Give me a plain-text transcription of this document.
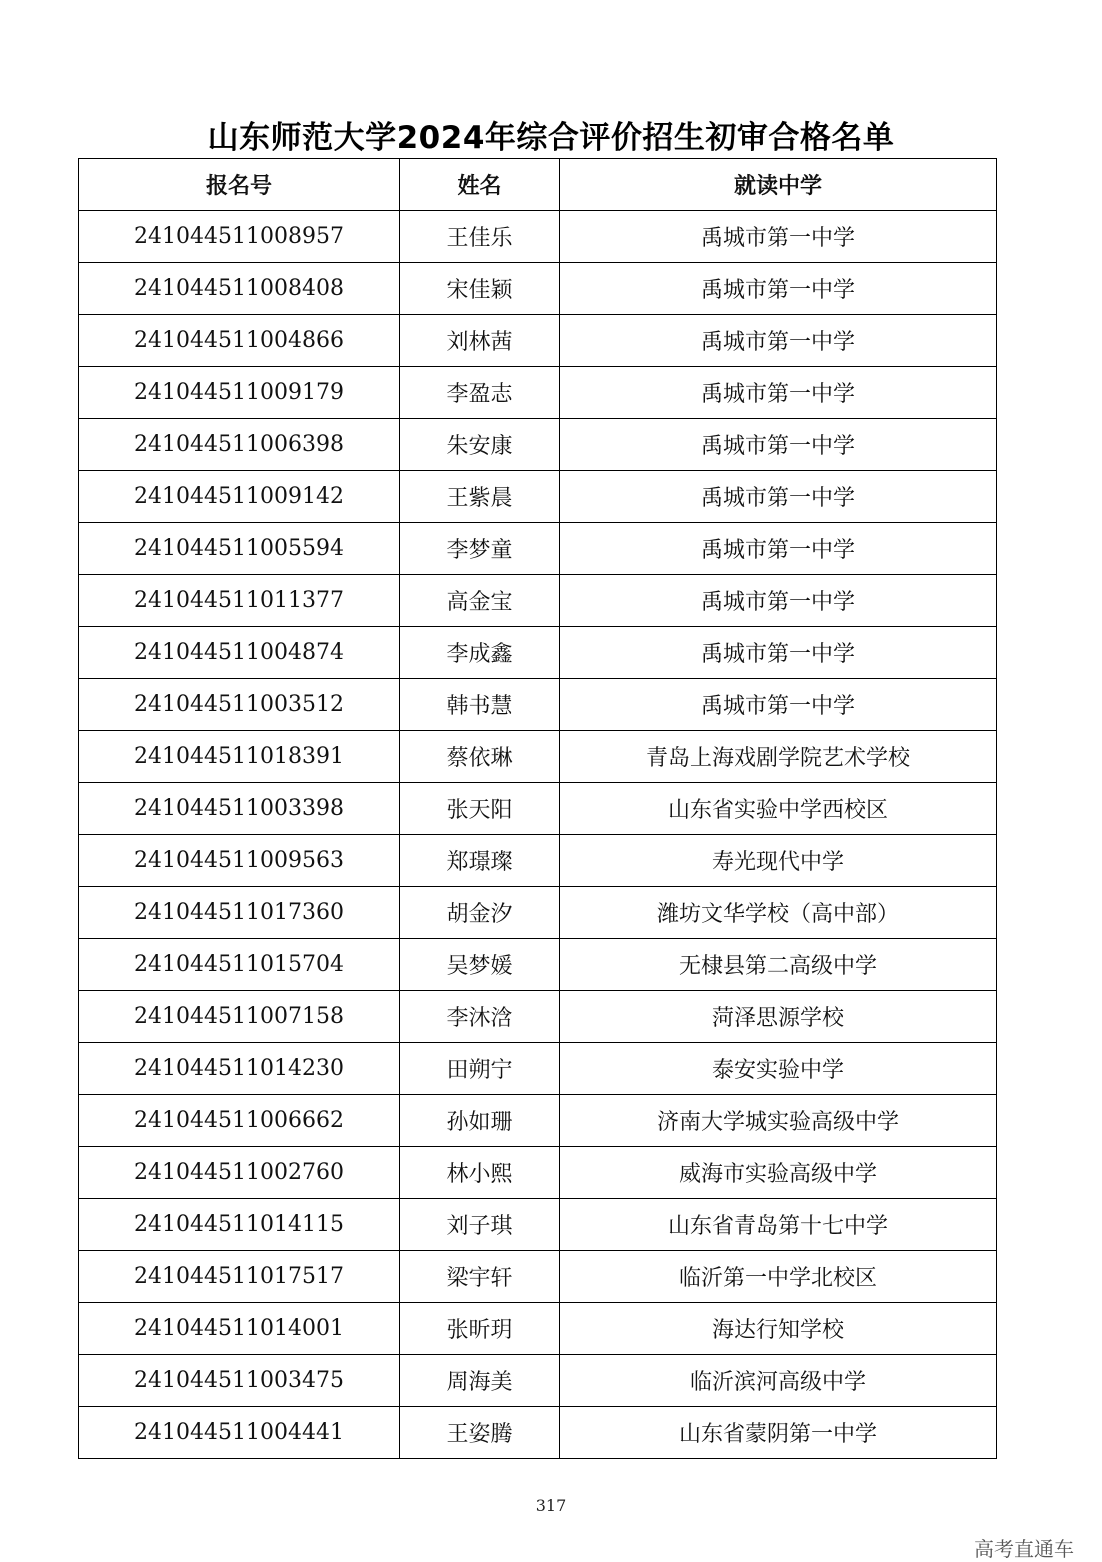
山东师范大学2024年综合评价招生初审合格名单
报名号	姓名	就读中学
241044511008957	王佳乐	禹城市第一中学
241044511008408	宋佳颖	禹城市第一中学
241044511004866	刘林茜	禹城市第一中学
241044511009179	李盈志	禹城市第一中学
241044511006398	朱安康	禹城市第一中学
241044511009142	王紫晨	禹城市第一中学
241044511005594	李梦童	禹城市第一中学
241044511011377	高金宝	禹城市第一中学
241044511004874	李成鑫	禹城市第一中学
241044511003512	韩书慧	禹城市第一中学
241044511018391	蔡依琳	青岛上海戏剧学院艺术学校
241044511003398	张天阳	山东省实验中学西校区
241044511009563	郑璟璨	寿光现代中学
241044511017360	胡金汐	潍坊文华学校（高中部）
241044511015704	吴梦媛	无棣县第二高级中学
241044511007158	李沐浛	菏泽思源学校
241044511014230	田朔宁	泰安实验中学
241044511006662	孙如珊	济南大学城实验高级中学
241044511002760	林小熙	威海市实验高级中学
241044511014115	刘子琪	山东省青岛第十七中学
241044511017517	梁宇轩	临沂第一中学北校区
241044511014001	张昕玥	海达行知学校
241044511003475	周海美	临沂滨河高级中学
241044511004441	王姿腾	山东省蒙阴第一中学
317
高考直通车
